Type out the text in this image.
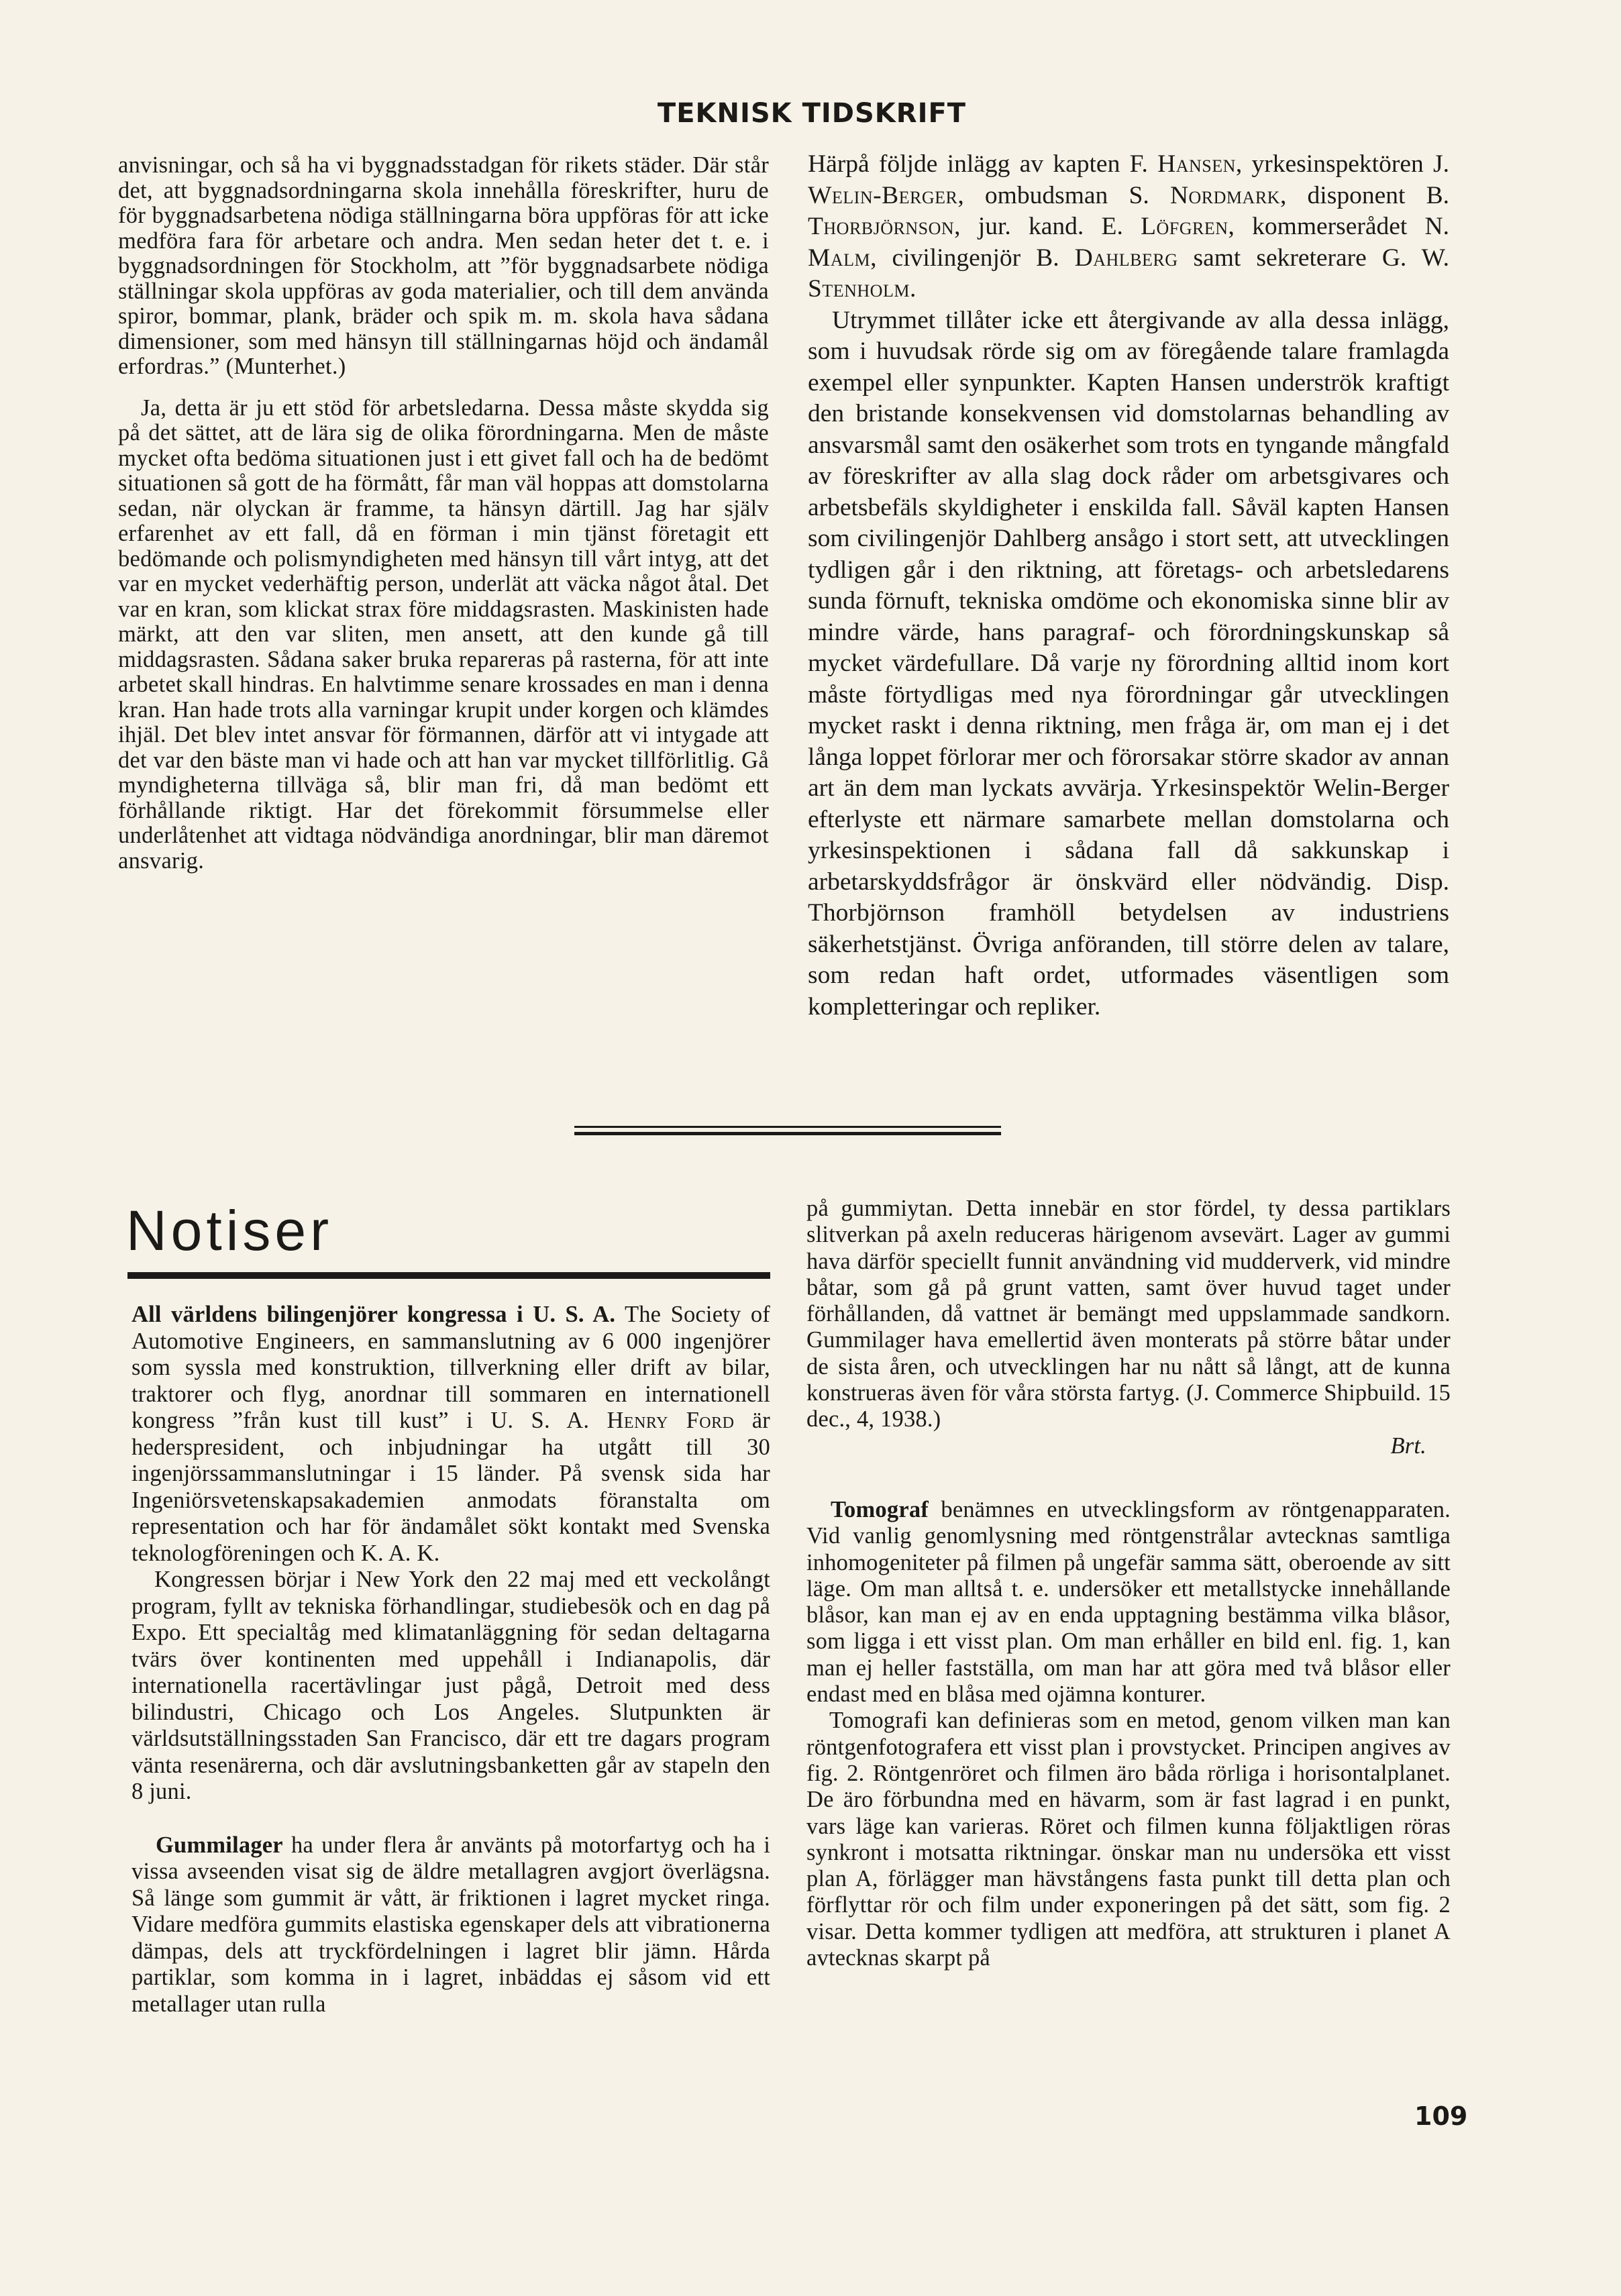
TEKNISK TIDSKRIFT

anvisningar, och så ha vi byggnadsstadgan för rikets städer. Där står det, att byggnadsordningarna skola innehålla föreskrifter, huru de för byggnadsarbetena nödiga ställningarna böra uppföras för att icke medföra fara för arbetare och andra. Men sedan heter det t. e. i byggnadsordningen för Stockholm, att ”för byggnadsarbete nödiga ställningar skola uppföras av goda materialier, och till dem använda spiror, bommar, plank, bräder och spik m. m. skola hava sådana dimensioner, som med hänsyn till ställningarnas höjd och ändamål erfordras.” (Munterhet.)

Ja, detta är ju ett stöd för arbetsledarna. Dessa måste skydda sig på det sättet, att de lära sig de olika förordningarna. Men de måste mycket ofta bedöma situationen just i ett givet fall och ha de bedömt situationen så gott de ha förmått, får man väl hoppas att domstolarna sedan, när olyckan är framme, ta hänsyn därtill. Jag har själv erfarenhet av ett fall, då en förman i min tjänst företagit ett bedömande och polismyndigheten med hänsyn till vårt intyg, att det var en mycket vederhäftig person, underlät att väcka något åtal. Det var en kran, som klickat strax före middagsrasten. Maskinisten hade märkt, att den var sliten, men ansett, att den kunde gå till middagsrasten. Sådana saker bruka repareras på rasterna, för att inte arbetet skall hindras. En halvtimme senare krossades en man i denna kran. Han hade trots alla varningar krupit under korgen och klämdes ihjäl. Det blev intet ansvar för förmannen, därför att vi intygade att det var den bäste man vi hade och att han var mycket tillförlitlig. Gå myndigheterna tillväga så, blir man fri, då man bedömt ett förhållande riktigt. Har det förekommit försummelse eller underlåtenhet att vidtaga nödvändiga anordningar, blir man däremot ansvarig.

Härpå följde inlägg av kapten F. Hansen, yrkesinspektören J. Welin-Berger, ombudsman S. Nordmark, disponent B. Thorbjörnson, jur. kand. E. Löfgren, kommerserådet N. Malm, civilingenjör B. Dahlberg samt sekreterare G. W. Stenholm.

Utrymmet tillåter icke ett återgivande av alla dessa inlägg, som i huvudsak rörde sig om av föregående talare framlagda exempel eller synpunkter. Kapten Hansen underströk kraftigt den bristande konsekvensen vid domstolarnas behandling av ansvarsmål samt den osäkerhet som trots en tyngande mångfald av föreskrifter av alla slag dock råder om arbetsgivares och arbetsbefäls skyldigheter i enskilda fall. Såväl kapten Hansen som civilingenjör Dahlberg ansågo i stort sett, att utvecklingen tydligen går i den riktning, att företags- och arbetsledarens sunda förnuft, tekniska omdöme och ekonomiska sinne blir av mindre värde, hans paragraf- och förordningskunskap så mycket värdefullare. Då varje ny förordning alltid inom kort måste förtydligas med nya förordningar går utvecklingen mycket raskt i denna riktning, men fråga är, om man ej i det långa loppet förlorar mer och förorsakar större skador av annan art än dem man lyckats avvärja. Yrkesinspektör Welin-Berger efterlyste ett närmare samarbete mellan domstolarna och yrkesinspektionen i sådana fall då sakkunskap i arbetarskyddsfrågor är önskvärd eller nödvändig. Disp. Thorbjörnson framhöll betydelsen av industriens säkerhetstjänst. Övriga anföranden, till större delen av talare, som redan haft ordet, utformades väsentligen som kompletteringar och repliker.

Notiser

All världens bilingenjörer kongressa i U. S. A. The Society of Automotive Engineers, en sammanslutning av 6 000 ingenjörer som syssla med konstruktion, tillverkning eller drift av bilar, traktorer och flyg, anordnar till sommaren en internationell kongress ”från kust till kust” i U. S. A. Henry Ford är hederspresident, och inbjudningar ha utgått till 30 ingenjörssammanslutningar i 15 länder. På svensk sida har Ingeniörsvetenskapsakademien anmodats föranstalta om representation och har för ändamålet sökt kontakt med Svenska teknologföreningen och K. A. K.

Kongressen börjar i New York den 22 maj med ett veckolångt program, fyllt av tekniska förhandlingar, studiebesök och en dag på Expo. Ett specialtåg med klimatanläggning för sedan deltagarna tvärs över kontinenten med uppehåll i Indianapolis, där internationella racertävlingar just pågå, Detroit med dess bilindustri, Chicago och Los Angeles. Slutpunkten är världsutställningsstaden San Francisco, där ett tre dagars program vänta resenärerna, och där avslutningsbanketten går av stapeln den 8 juni.

Gummilager ha under flera år använts på motorfartyg och ha i vissa avseenden visat sig de äldre metallagren avgjort överlägsna. Så länge som gummit är vått, är friktionen i lagret mycket ringa. Vidare medföra gummits elastiska egenskaper dels att vibrationerna dämpas, dels att tryckfördelningen i lagret blir jämn. Hårda partiklar, som komma in i lagret, inbäddas ej såsom vid ett metallager utan rulla

på gummiytan. Detta innebär en stor fördel, ty dessa partiklars slitverkan på axeln reduceras härigenom avsevärt. Lager av gummi hava därför speciellt funnit användning vid mudderverk, vid mindre båtar, som gå på grunt vatten, samt över huvud taget under förhållanden, då vattnet är bemängt med uppslammade sandkorn. Gummilager hava emellertid även monterats på större båtar under de sista åren, och utvecklingen har nu nått så långt, att de kunna konstrueras även för våra största fartyg. (J. Commerce Shipbuild. 15 dec., 4, 1938.)
Brt.

Tomograf benämnes en utvecklingsform av röntgenapparaten. Vid vanlig genomlysning med röntgenstrålar avtecknas samtliga inhomogeniteter på filmen på ungefär samma sätt, oberoende av sitt läge. Om man alltså t. e. undersöker ett metallstycke innehållande blåsor, kan man ej av en enda upptagning bestämma vilka blåsor, som ligga i ett visst plan. Om man erhåller en bild enl. fig. 1, kan man ej heller fastställa, om man har att göra med två blåsor eller endast med en blåsa med ojämna konturer.

Tomografi kan definieras som en metod, genom vilken man kan röntgenfotografera ett visst plan i provstycket. Principen angives av fig. 2. Röntgenröret och filmen äro båda rörliga i horisontalplanet. De äro förbundna med en hävarm, som är fast lagrad i en punkt, vars läge kan varieras. Röret och filmen kunna följaktligen röras synkront i motsatta riktningar. önskar man nu undersöka ett visst plan A, förlägger man hävstångens fasta punkt till detta plan och förflyttar rör och film under exponeringen på det sätt, som fig. 2 visar. Detta kommer tydligen att medföra, att strukturen i planet A avtecknas skarpt på

109
